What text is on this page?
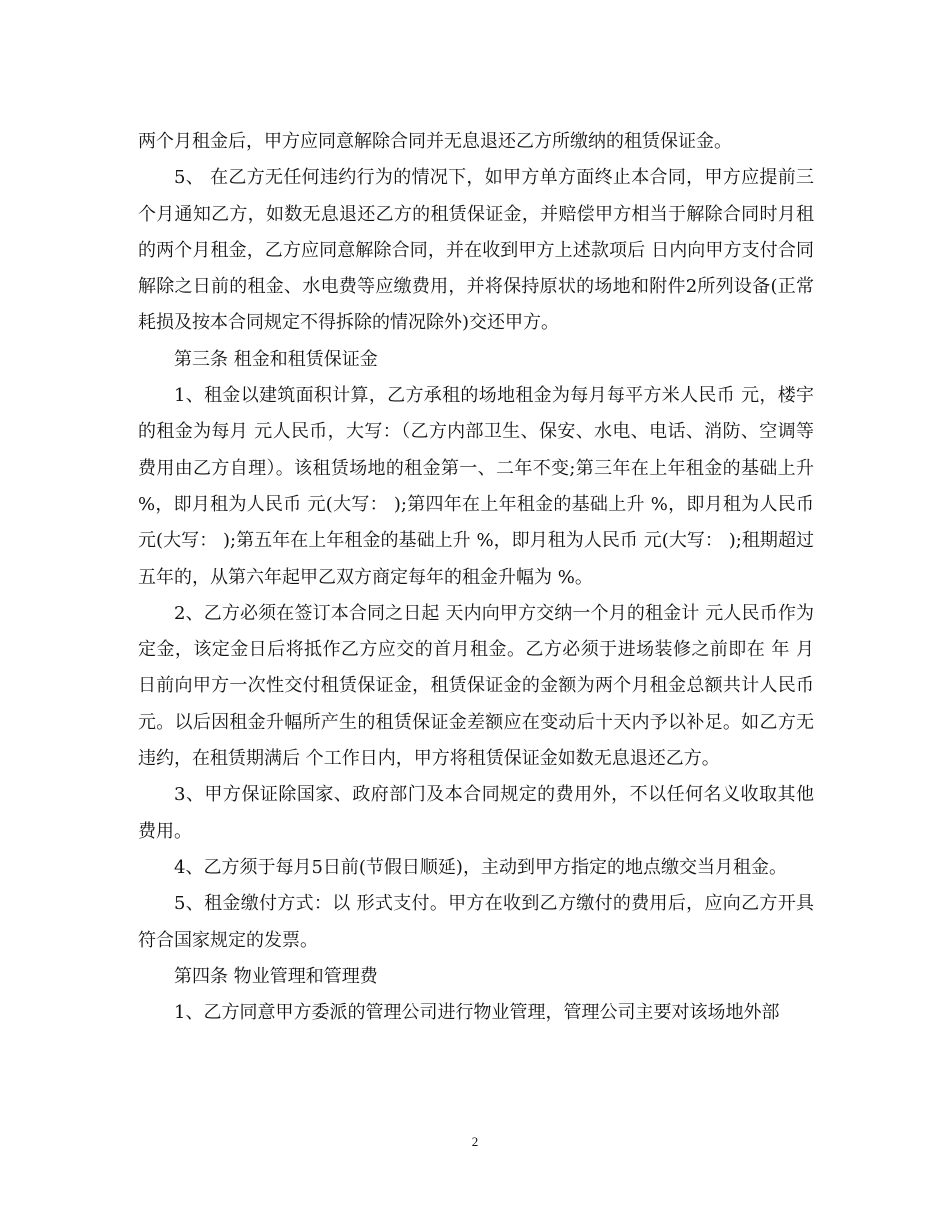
两个月租金后，甲方应同意解除合同并无息退还乙方所缴纳的租赁保证金。

5、 在乙方无任何违约行为的情况下，如甲方单方面终止本合同，甲方应提前三个月通知乙方，如数无息退还乙方的租赁保证金，并赔偿甲方相当于解除合同时月租的两个月租金，乙方应同意解除合同，并在收到甲方上述款项后 日内向甲方支付合同解除之日前的租金、水电费等应缴费用，并将保持原状的场地和附件2所列设备(正常耗损及按本合同规定不得拆除的情况除外)交还甲方。

第三条 租金和租赁保证金

1、租金以建筑面积计算，乙方承租的场地租金为每月每平方米人民币 元，楼宇的租金为每月 元人民币，大写：（乙方内部卫生、保安、水电、电话、消防、空调等费用由乙方自理）。该租赁场地的租金第一、二年不变;第三年在上年租金的基础上升 %，即月租为人民币 元(大写： );第四年在上年租金的基础上升 %，即月租为人民币 元(大写： );第五年在上年租金的基础上升 %，即月租为人民币 元(大写： );租期超过五年的，从第六年起甲乙双方商定每年的租金升幅为 %。

2、乙方必须在签订本合同之日起 天内向甲方交纳一个月的租金计 元人民币作为定金，该定金日后将抵作乙方应交的首月租金。乙方必须于进场装修之前即在 年 月 日前向甲方一次性交付租赁保证金，租赁保证金的金额为两个月租金总额共计人民币 元。以后因租金升幅所产生的租赁保证金差额应在变动后十天内予以补足。如乙方无违约，在租赁期满后 个工作日内，甲方将租赁保证金如数无息退还乙方。

3、甲方保证除国家、政府部门及本合同规定的费用外，不以任何名义收取其他费用。

4、乙方须于每月5日前(节假日顺延)，主动到甲方指定的地点缴交当月租金。

5、租金缴付方式：以 形式支付。甲方在收到乙方缴付的费用后，应向乙方开具符合国家规定的发票。

第四条 物业管理和管理费

1、乙方同意甲方委派的管理公司进行物业管理，管理公司主要对该场地外部

2
